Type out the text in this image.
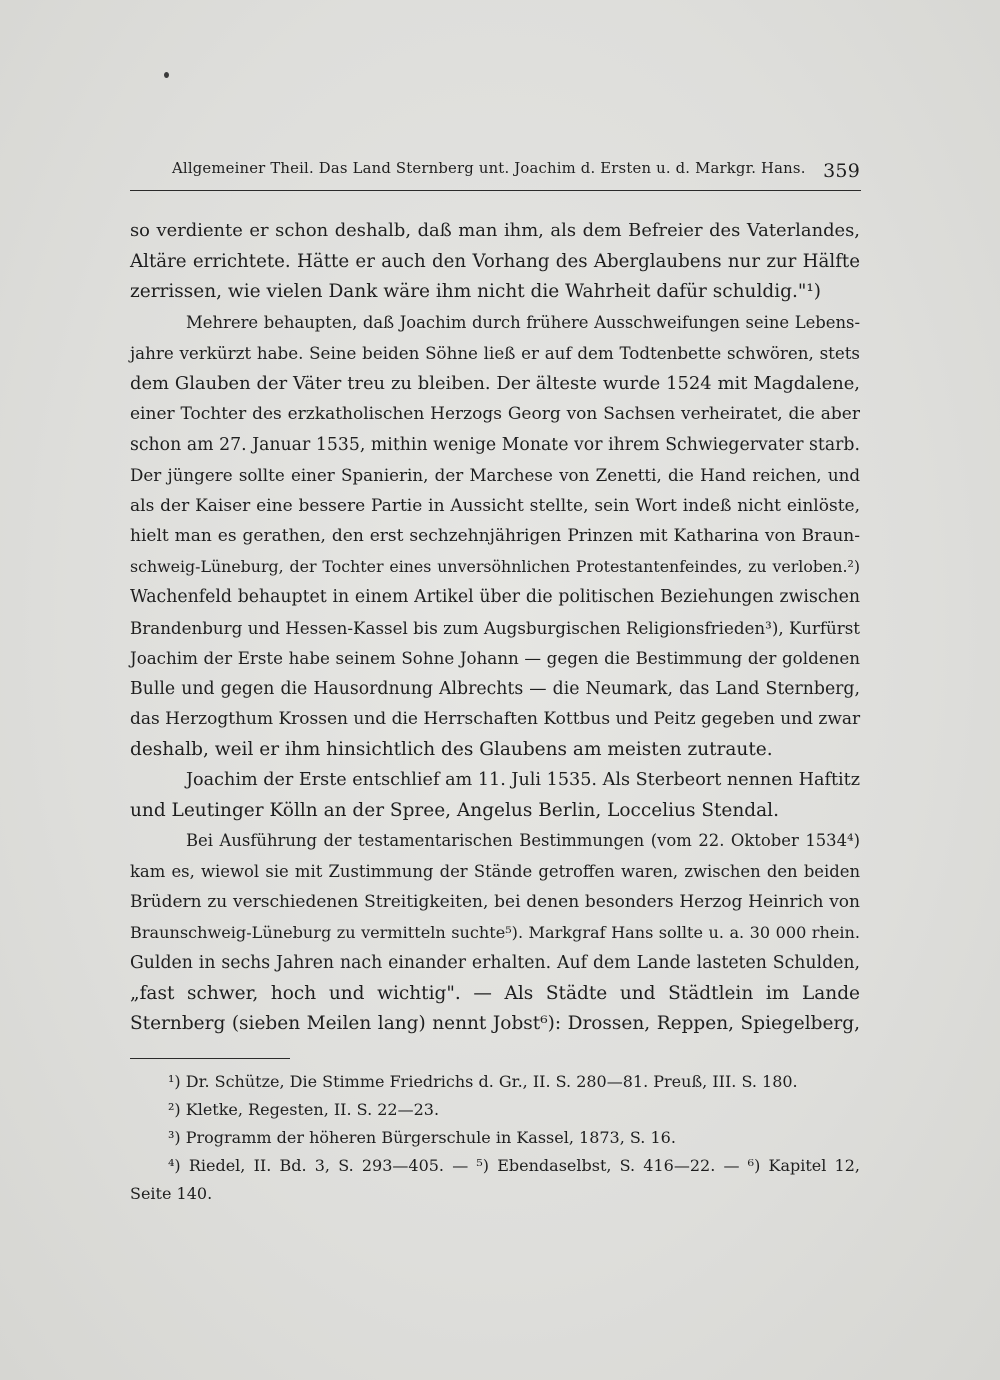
Allgemeiner Theil. Das Land Sternberg unt. Joachim d. Ersten u. d. Markgr. Hans. 359
so verdiente er schon deshalb, daß man ihm, als dem Befreier des Vaterlandes,
Altäre errichtete. Hätte er auch den Vorhang des Aberglaubens nur zur Hälfte
zerrissen, wie vielen Dank wäre ihm nicht die Wahrheit dafür schuldig."¹)
Mehrere behaupten, daß Joachim durch frühere Ausschweifungen seine Lebens-
jahre verkürzt habe. Seine beiden Söhne ließ er auf dem Todtenbette schwören, stets
dem Glauben der Väter treu zu bleiben. Der älteste wurde 1524 mit Magdalene,
einer Tochter des erzkatholischen Herzogs Georg von Sachsen verheiratet, die aber
schon am 27. Januar 1535, mithin wenige Monate vor ihrem Schwiegervater starb.
Der jüngere sollte einer Spanierin, der Marchese von Zenetti, die Hand reichen, und
als der Kaiser eine bessere Partie in Aussicht stellte, sein Wort indeß nicht einlöste,
hielt man es gerathen, den erst sechzehnjährigen Prinzen mit Katharina von Braun-
schweig-Lüneburg, der Tochter eines unversöhnlichen Protestantenfeindes, zu verloben.²)
Wachenfeld behauptet in einem Artikel über die politischen Beziehungen zwischen
Brandenburg und Hessen-Kassel bis zum Augsburgischen Religionsfrieden³), Kurfürst
Joachim der Erste habe seinem Sohne Johann — gegen die Bestimmung der goldenen
Bulle und gegen die Hausordnung Albrechts — die Neumark, das Land Sternberg,
das Herzogthum Krossen und die Herrschaften Kottbus und Peitz gegeben und zwar
deshalb, weil er ihm hinsichtlich des Glaubens am meisten zutraute.
Joachim der Erste entschlief am 11. Juli 1535. Als Sterbeort nennen Haftitz
und Leutinger Kölln an der Spree, Angelus Berlin, Loccelius Stendal.
Bei Ausführung der testamentarischen Bestimmungen (vom 22. Oktober 1534⁴)
kam es, wiewol sie mit Zustimmung der Stände getroffen waren, zwischen den beiden
Brüdern zu verschiedenen Streitigkeiten, bei denen besonders Herzog Heinrich von
Braunschweig-Lüneburg zu vermitteln suchte⁵). Markgraf Hans sollte u. a. 30 000 rhein.
Gulden in sechs Jahren nach einander erhalten. Auf dem Lande lasteten Schulden,
„fast schwer, hoch und wichtig". — Als Städte und Städtlein im Lande
Sternberg (sieben Meilen lang) nennt Jobst⁶): Drossen, Reppen, Spiegelberg,
¹) Dr. Schütze, Die Stimme Friedrichs d. Gr., II. S. 280—81. Preuß, III. S. 180.
²) Kletke, Regesten, II. S. 22—23.
³) Programm der höheren Bürgerschule in Kassel, 1873, S. 16.
⁴) Riedel, II. Bd. 3, S. 293—405. — ⁵) Ebendaselbst, S. 416—22. — ⁶) Kapitel 12,
Seite 140.
